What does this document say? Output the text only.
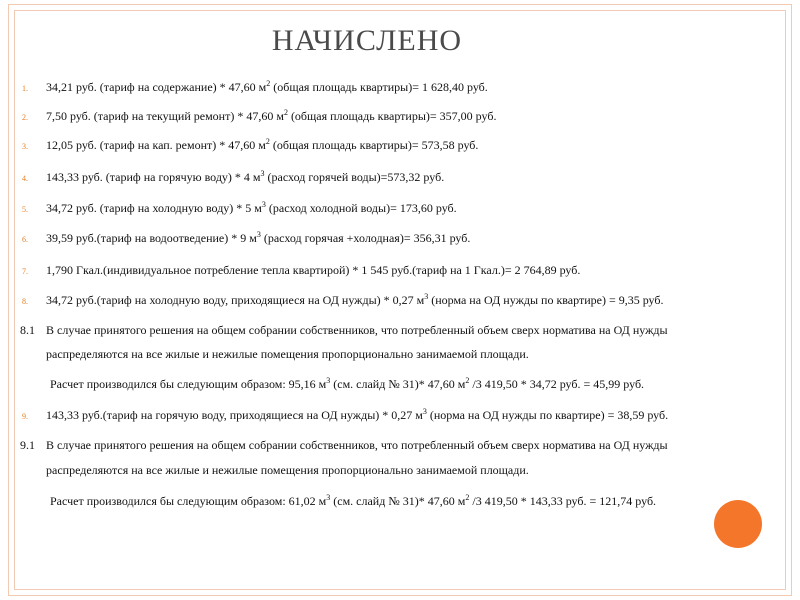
НАЧИСЛЕНО
1. 34,21 руб. (тариф на содержание) * 47,60 $м^2$ (общая площадь квартиры)= 1 628,40 руб.
2. 7,50 руб. (тариф на текущий ремонт) * 47,60 $м^2$ (общая площадь квартиры)= 357,00 руб.
3. 12,05 руб. (тариф на кап. ремонт) * 47,60 $м^2$ (общая площадь квартиры)= 573,58 руб.
4. 143,33 руб. (тариф на горячую воду) * 4 $м^3$ (расход горячей воды)=573,32 руб.
5. 34,72 руб. (тариф на холодную воду) * 5 $м^3$ (расход холодной воды)= 173,60 руб.
6. 39,59 руб.(тариф на водоотведение) * 9 $м^3$ (расход горячая +холодная)= 356,31 руб.
7. 1,790 Гкал.(индивидуальное потребление тепла квартирой) * 1 545 руб.(тариф на 1 Гкал.)= 2 764,89 руб.
8. 34,72 руб.(тариф на холодную воду, приходящиеся на ОД нужды) * 0,27 $м^3$ (норма на ОД нужды по квартире) = 9,35 руб.
8.1 В случае принятого решения на общем собрании собственников, что потребленный объем сверх норматива на ОД нужды
распределяются на все жилые и нежилые помещения пропорционально занимаемой площади.
Расчет производился бы следующим образом: 95,16 $м^3$ (см. слайд № 31)* 47,60 $м^2$ /3 419,50 * 34,72 руб. = 45,99 руб.
9. 143,33 руб.(тариф на горячую воду, приходящиеся на ОД нужды) * 0,27 $м^3$ (норма на ОД нужды по квартире) = 38,59 руб.
9.1 В случае принятого решения на общем собрании собственников, что потребленный объем сверх норматива на ОД нужды
распределяются на все жилые и нежилые помещения пропорционально занимаемой площади.
Расчет производился бы следующим образом: 61,02 $м^3$ (см. слайд № 31)* 47,60 $м^2$ /3 419,50 * 143,33 руб. = 121,74 руб.
